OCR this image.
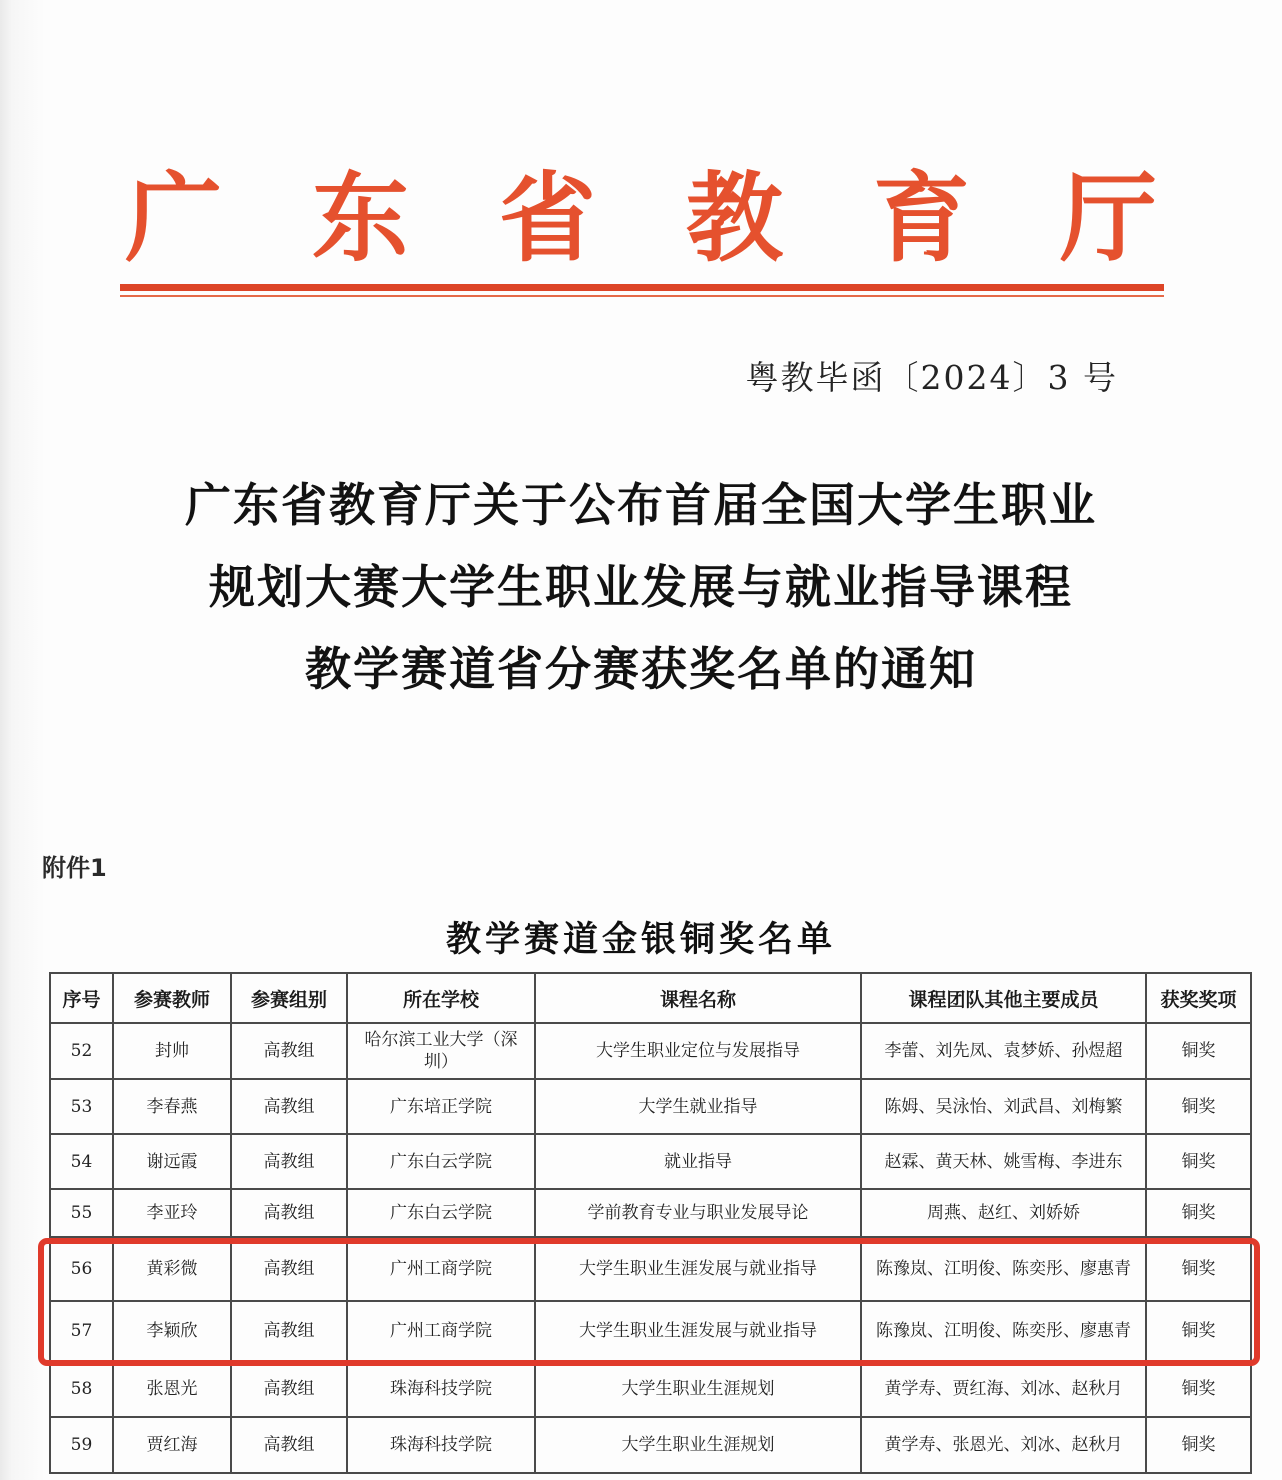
广东省教育厅
粤教毕函〔2024〕3 号
广东省教育厅关于公布首届全国大学生职业
规划大赛大学生职业发展与就业指导课程
教学赛道省分赛获奖名单的通知
附件1
教学赛道金银铜奖名单
序号	参赛教师	参赛组别	所在学校	课程名称	课程团队其他主要成员	获奖奖项
52	封帅	高教组	哈尔滨工业大学（深圳）	大学生职业定位与发展指导	李蕾、刘先凤、袁梦娇、孙煜超	铜奖
53	李春燕	高教组	广东培正学院	大学生就业指导	陈姆、吴泳怡、刘武昌、刘梅繁	铜奖
54	谢远霞	高教组	广东白云学院	就业指导	赵霖、黄天林、姚雪梅、李进东	铜奖
55	李亚玲	高教组	广东白云学院	学前教育专业与职业发展导论	周燕、赵红、刘娇娇	铜奖
56	黄彩微	高教组	广州工商学院	大学生职业生涯发展与就业指导	陈豫岚、江明俊、陈奕彤、廖惠青	铜奖
57	李颖欣	高教组	广州工商学院	大学生职业生涯发展与就业指导	陈豫岚、江明俊、陈奕彤、廖惠青	铜奖
58	张恩光	高教组	珠海科技学院	大学生职业生涯规划	黄学寿、贾红海、刘冰、赵秋月	铜奖
59	贾红海	高教组	珠海科技学院	大学生职业生涯规划	黄学寿、张恩光、刘冰、赵秋月	铜奖
